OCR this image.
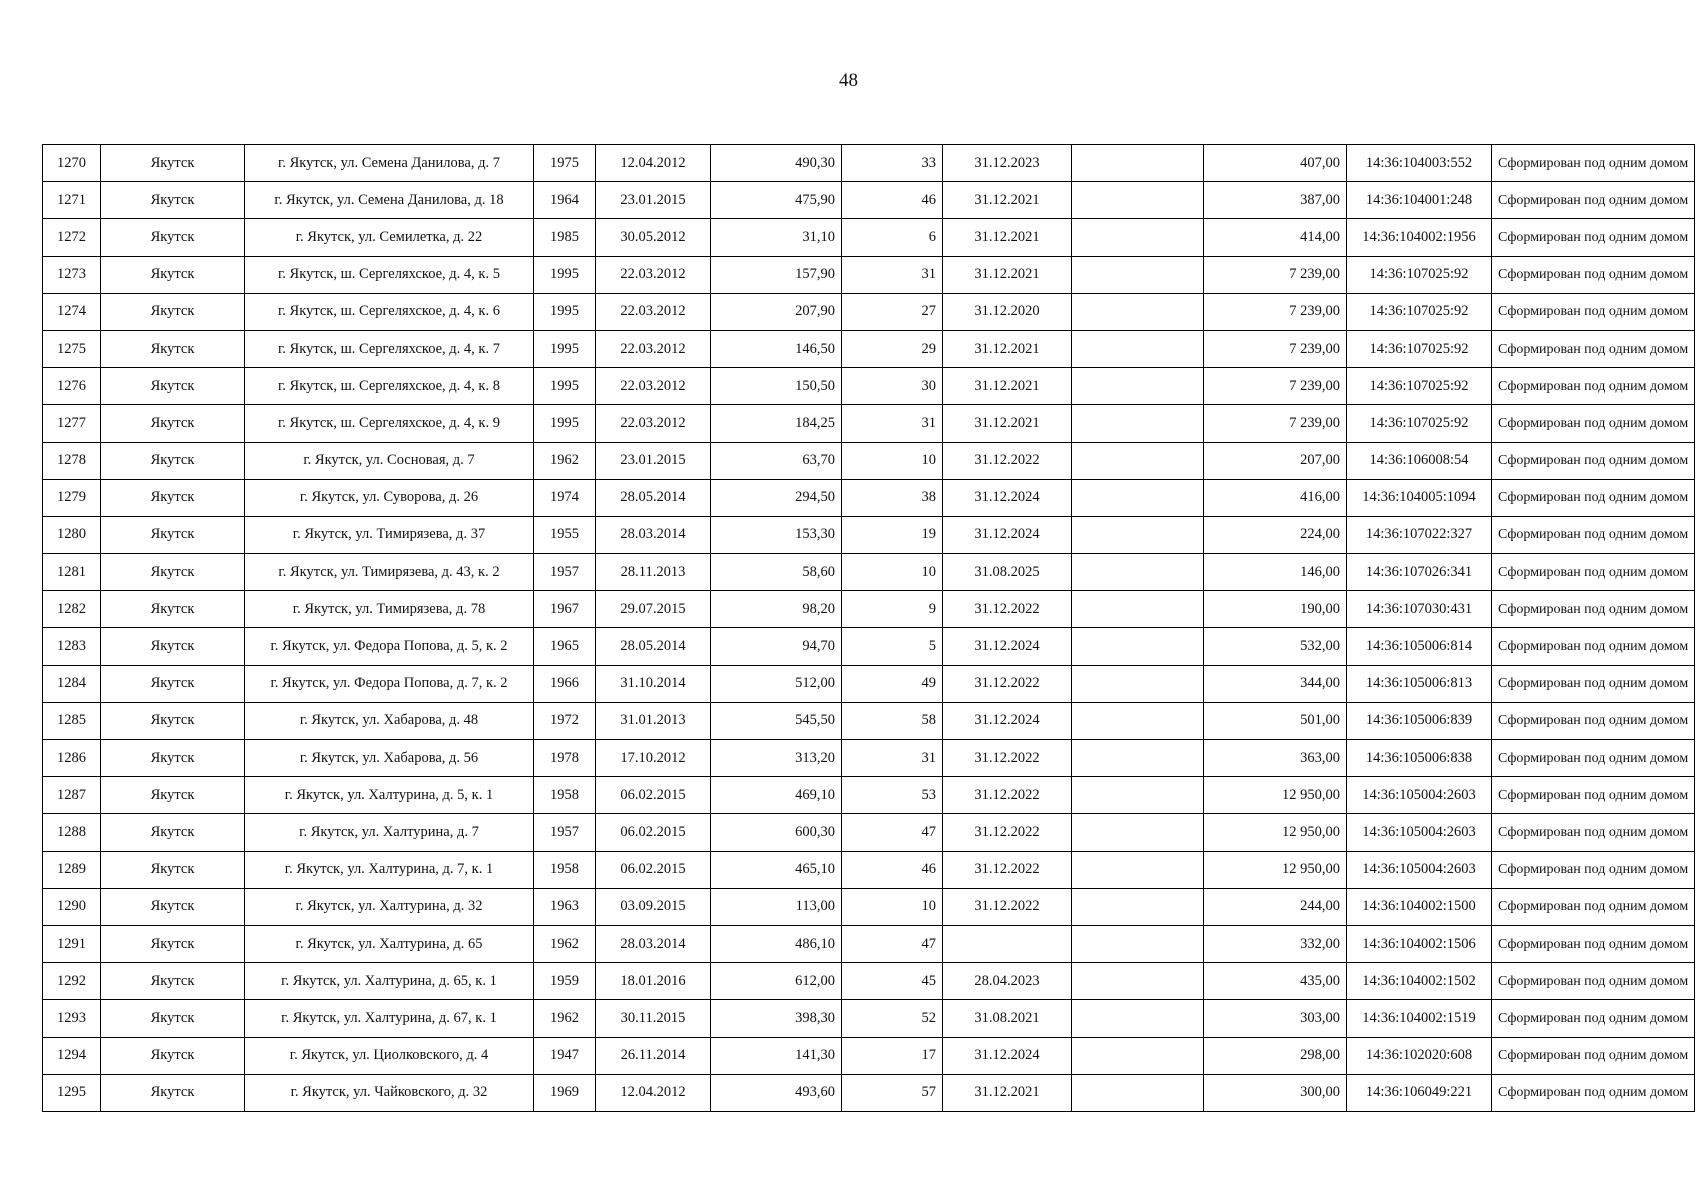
48
1270	Якутск	г. Якутск, ул. Семена Данилова, д. 7	1975	12.04.2012	490,30	33	31.12.2023		407,00	14:36:104003:552	Сформирован под одним домом
1271	Якутск	г. Якутск, ул. Семена Данилова, д. 18	1964	23.01.2015	475,90	46	31.12.2021		387,00	14:36:104001:248	Сформирован под одним домом
1272	Якутск	г. Якутск, ул. Семилетка, д. 22	1985	30.05.2012	31,10	6	31.12.2021		414,00	14:36:104002:1956	Сформирован под одним домом
1273	Якутск	г. Якутск, ш. Сергеляхское, д. 4, к. 5	1995	22.03.2012	157,90	31	31.12.2021		7 239,00	14:36:107025:92	Сформирован под одним домом
1274	Якутск	г. Якутск, ш. Сергеляхское, д. 4, к. 6	1995	22.03.2012	207,90	27	31.12.2020		7 239,00	14:36:107025:92	Сформирован под одним домом
1275	Якутск	г. Якутск, ш. Сергеляхское, д. 4, к. 7	1995	22.03.2012	146,50	29	31.12.2021		7 239,00	14:36:107025:92	Сформирован под одним домом
1276	Якутск	г. Якутск, ш. Сергеляхское, д. 4, к. 8	1995	22.03.2012	150,50	30	31.12.2021		7 239,00	14:36:107025:92	Сформирован под одним домом
1277	Якутск	г. Якутск, ш. Сергеляхское, д. 4, к. 9	1995	22.03.2012	184,25	31	31.12.2021		7 239,00	14:36:107025:92	Сформирован под одним домом
1278	Якутск	г. Якутск, ул. Сосновая, д. 7	1962	23.01.2015	63,70	10	31.12.2022		207,00	14:36:106008:54	Сформирован под одним домом
1279	Якутск	г. Якутск, ул. Суворова, д. 26	1974	28.05.2014	294,50	38	31.12.2024		416,00	14:36:104005:1094	Сформирован под одним домом
1280	Якутск	г. Якутск, ул. Тимирязева, д. 37	1955	28.03.2014	153,30	19	31.12.2024		224,00	14:36:107022:327	Сформирован под одним домом
1281	Якутск	г. Якутск, ул. Тимирязева, д. 43, к. 2	1957	28.11.2013	58,60	10	31.08.2025		146,00	14:36:107026:341	Сформирован под одним домом
1282	Якутск	г. Якутск, ул. Тимирязева, д. 78	1967	29.07.2015	98,20	9	31.12.2022		190,00	14:36:107030:431	Сформирован под одним домом
1283	Якутск	г. Якутск, ул. Федора Попова, д. 5, к. 2	1965	28.05.2014	94,70	5	31.12.2024		532,00	14:36:105006:814	Сформирован под одним домом
1284	Якутск	г. Якутск, ул. Федора Попова, д. 7, к. 2	1966	31.10.2014	512,00	49	31.12.2022		344,00	14:36:105006:813	Сформирован под одним домом
1285	Якутск	г. Якутск, ул. Хабарова, д. 48	1972	31.01.2013	545,50	58	31.12.2024		501,00	14:36:105006:839	Сформирован под одним домом
1286	Якутск	г. Якутск, ул. Хабарова, д. 56	1978	17.10.2012	313,20	31	31.12.2022		363,00	14:36:105006:838	Сформирован под одним домом
1287	Якутск	г. Якутск, ул. Халтурина, д. 5, к. 1	1958	06.02.2015	469,10	53	31.12.2022		12 950,00	14:36:105004:2603	Сформирован под одним домом
1288	Якутск	г. Якутск, ул. Халтурина, д. 7	1957	06.02.2015	600,30	47	31.12.2022		12 950,00	14:36:105004:2603	Сформирован под одним домом
1289	Якутск	г. Якутск, ул. Халтурина, д. 7, к. 1	1958	06.02.2015	465,10	46	31.12.2022		12 950,00	14:36:105004:2603	Сформирован под одним домом
1290	Якутск	г. Якутск, ул. Халтурина, д. 32	1963	03.09.2015	113,00	10	31.12.2022		244,00	14:36:104002:1500	Сформирован под одним домом
1291	Якутск	г. Якутск, ул. Халтурина, д. 65	1962	28.03.2014	486,10	47			332,00	14:36:104002:1506	Сформирован под одним домом
1292	Якутск	г. Якутск, ул. Халтурина, д. 65, к. 1	1959	18.01.2016	612,00	45	28.04.2023		435,00	14:36:104002:1502	Сформирован под одним домом
1293	Якутск	г. Якутск, ул. Халтурина, д. 67, к. 1	1962	30.11.2015	398,30	52	31.08.2021		303,00	14:36:104002:1519	Сформирован под одним домом
1294	Якутск	г. Якутск, ул. Циолковского, д. 4	1947	26.11.2014	141,30	17	31.12.2024		298,00	14:36:102020:608	Сформирован под одним домом
1295	Якутск	г. Якутск, ул. Чайковского, д. 32	1969	12.04.2012	493,60	57	31.12.2021		300,00	14:36:106049:221	Сформирован под одним домом
